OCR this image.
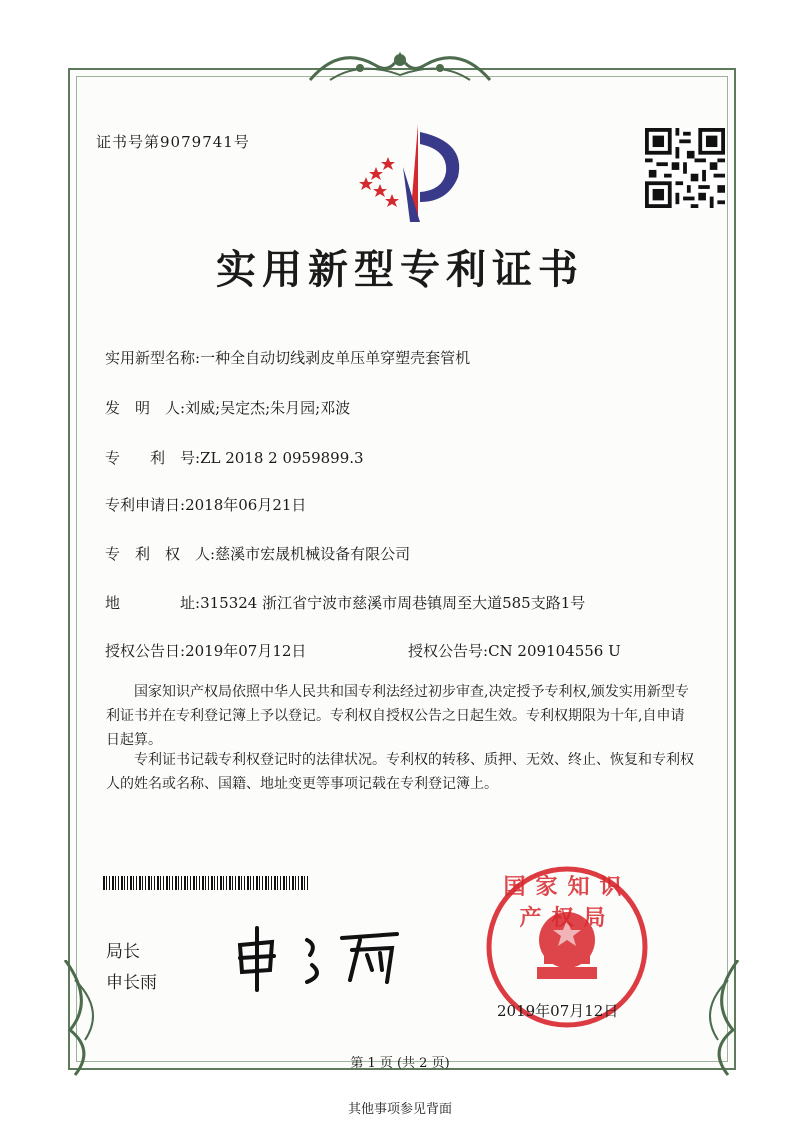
证书号第9079741号
实用新型专利证书
实用新型名称:一种全自动切线剥皮单压单穿塑壳套管机
发　明　人:刘威;吴定杰;朱月园;邓波
专　　利　号:ZL 2018 2 0959899.3
专利申请日:2018年06月21日
专　利　权　人:慈溪市宏晟机械设备有限公司
地　　　　址:315324 浙江省宁波市慈溪市周巷镇周至大道585支路1号
授权公告日:2019年07月12日	授权公告号:CN 209104556 U
国家知识产权局依照中华人民共和国专利法经过初步审查,决定授予专利权,颁发实用新型专利证书并在专利登记簿上予以登记。专利权自授权公告之日起生效。专利权期限为十年,自申请日起算。
专利证书记载专利权登记时的法律状况。专利权的转移、质押、无效、终止、恢复和专利权人的姓名或名称、国籍、地址变更等事项记载在专利登记簿上。
局长
申长雨
国家知识产权局
2019年07月12日
第 1 页 (共 2 页)
其他事项参见背面
